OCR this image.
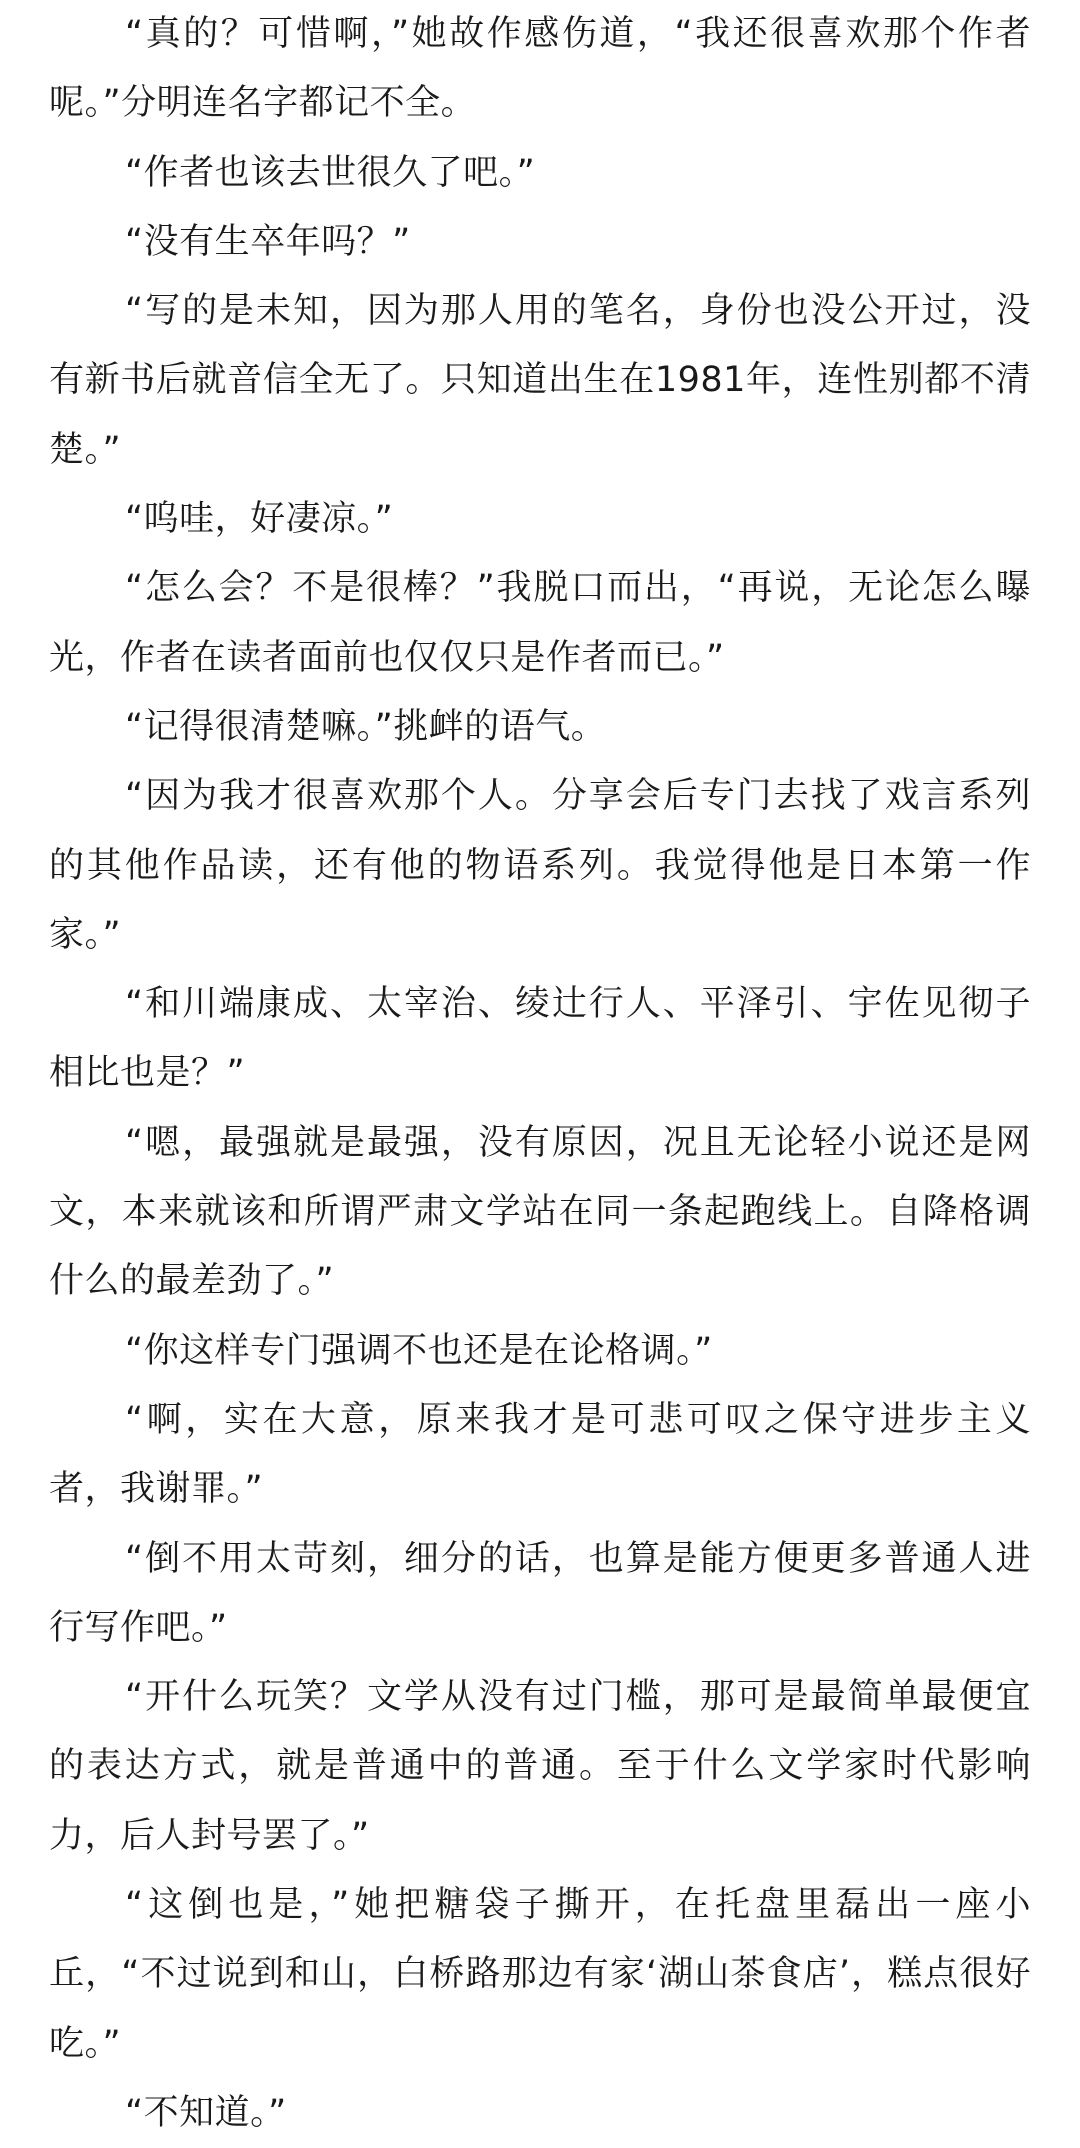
“真的？可惜啊，”她故作感伤道，“我还很喜欢那个作者呢。”分明连名字都记不全。

“作者也该去世很久了吧。”

“没有生卒年吗？”

“写的是未知，因为那人用的笔名，身份也没公开过，没有新书后就音信全无了。只知道出生在1981年，连性别都不清楚。”

“呜哇，好凄凉。”

“怎么会？不是很棒？”我脱口而出，“再说，无论怎么曝光，作者在读者面前也仅仅只是作者而已。”

“记得很清楚嘛。”挑衅的语气。

“因为我才很喜欢那个人。分享会后专门去找了戏言系列的其他作品读，还有他的物语系列。我觉得他是日本第一作家。”

“和川端康成、太宰治、绫辻行人、平泽引、宇佐见彻子相比也是？”

“嗯，最强就是最强，没有原因，况且无论轻小说还是网文，本来就该和所谓严肃文学站在同一条起跑线上。自降格调什么的最差劲了。”

“你这样专门强调不也还是在论格调。”

“啊，实在大意，原来我才是可悲可叹之保守进步主义者，我谢罪。”

“倒不用太苛刻，细分的话，也算是能方便更多普通人进行写作吧。”

“开什么玩笑？文学从没有过门槛，那可是最简单最便宜的表达方式，就是普通中的普通。至于什么文学家时代影响力，后人封号罢了。”

“这倒也是，”她把糖袋子撕开，在托盘里磊出一座小丘，“不过说到和山，白桥路那边有家‘湖山茶食店’，糕点很好吃。”

“不知道。”
